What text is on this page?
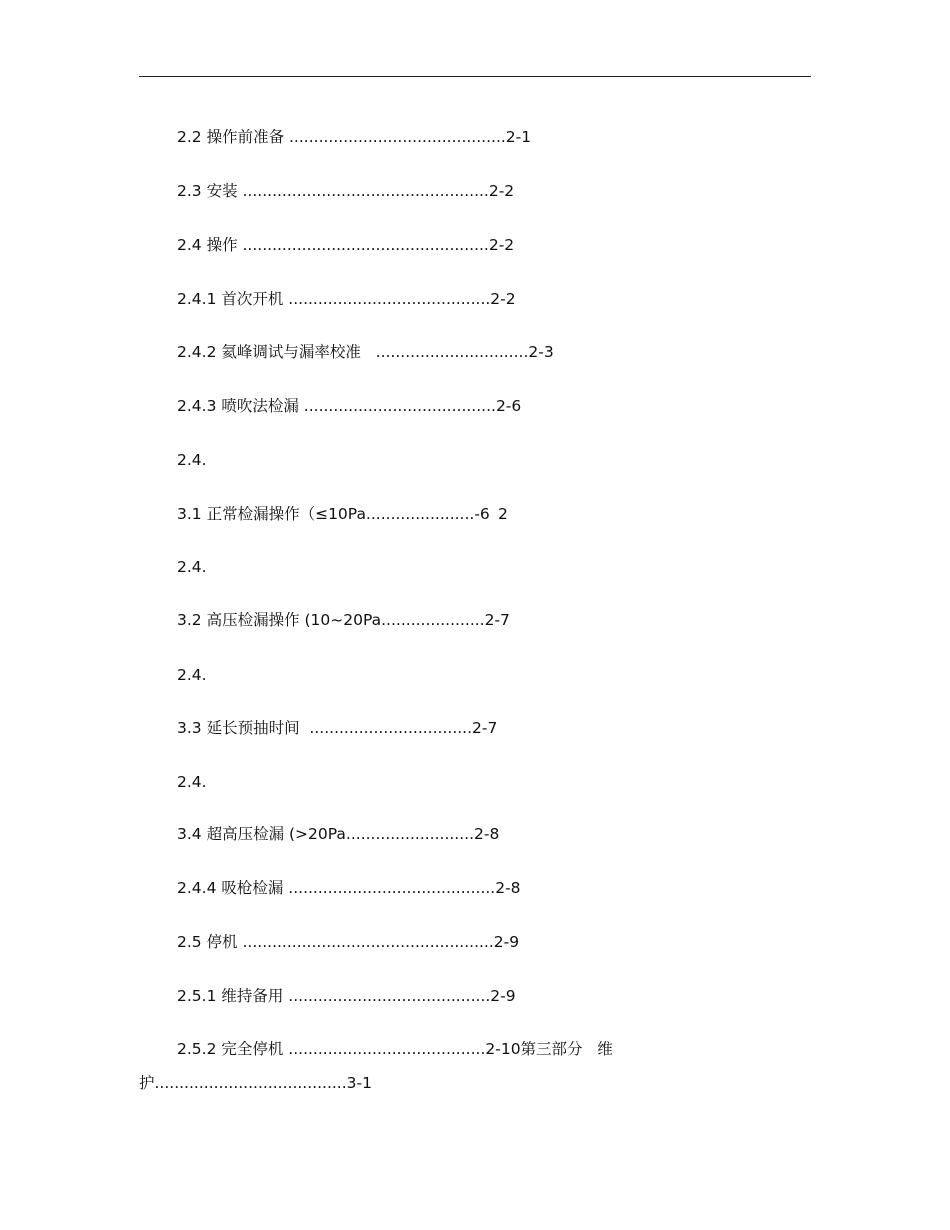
2.2 操作前准备 ............................................2-1
2.3 安装 ..................................................2-2
2.4 操作 ..................................................2-2
2.4.1 首次开机 .........................................2-2
2.4.2 氦峰调试与漏率校准   ...............................2-3
2.4.3 喷吹法检漏 .......................................2-6
2.4.
3.1 正常检漏操作（≤10Pa......................-6 2
2.4.
3.2 高压检漏操作 (10~20Pa.....................2-7
2.4.
3.3 延长预抽时间  .................................2-7
2.4.
3.4 超高压检漏 (>20Pa..........................2-8
2.4.4 吸枪检漏 ..........................................2-8
2.5 停机 ...................................................2-9
2.5.1 维持备用 .........................................2-9
2.5.2 完全停机 ........................................2-10第三部分   维
护.......................................3-1
